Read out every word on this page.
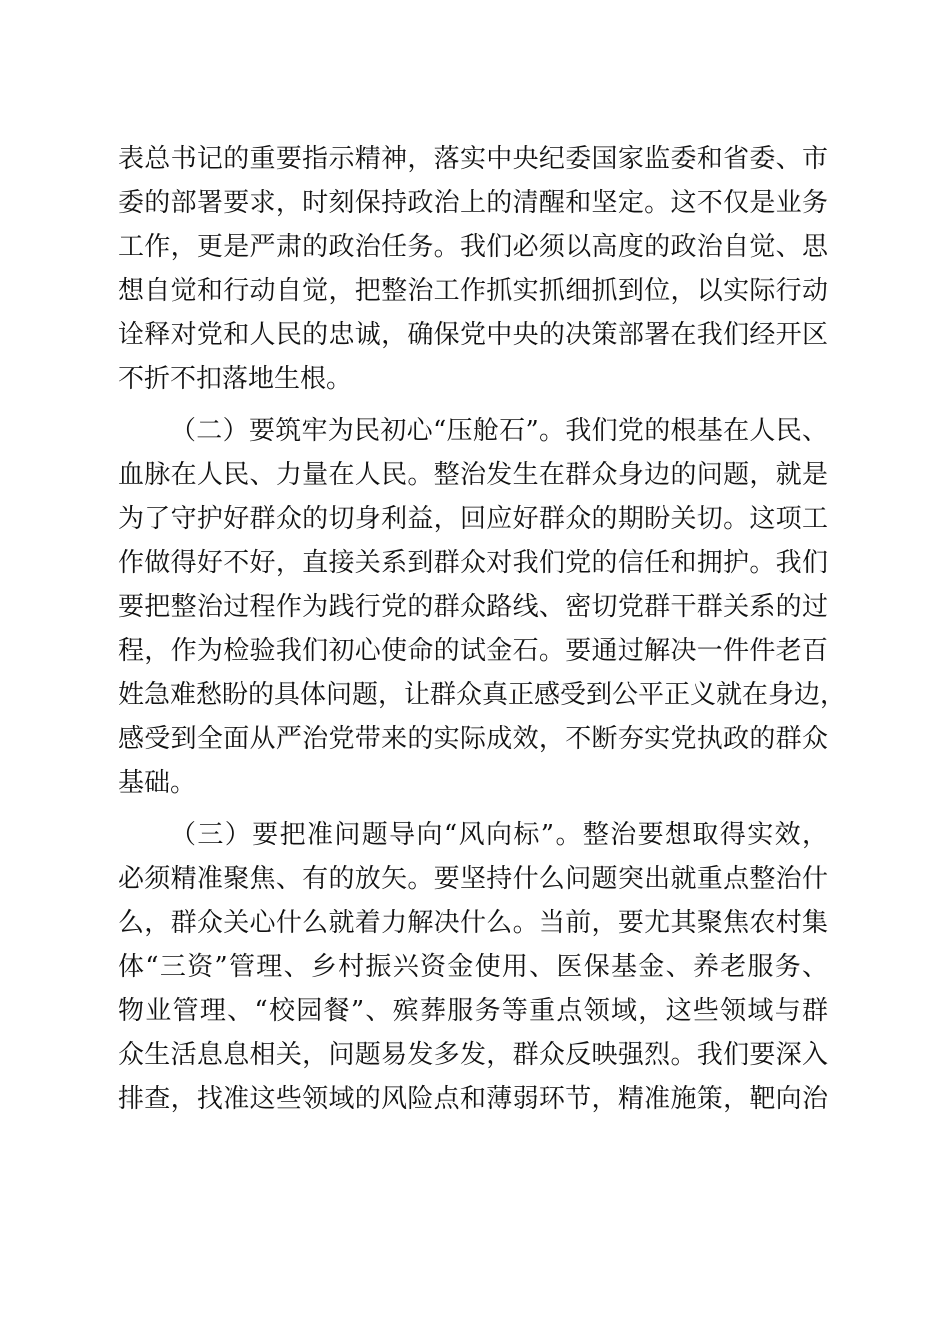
表总书记的重要指示精神，落实中央纪委国家监委和省委、市
委的部署要求，时刻保持政治上的清醒和坚定。这不仅是业务
工作，更是严肃的政治任务。我们必须以高度的政治自觉、思
想自觉和行动自觉，把整治工作抓实抓细抓到位，以实际行动
诠释对党和人民的忠诚，确保党中央的决策部署在我们经开区
不折不扣落地生根。
（二）要筑牢为民初心“压舱石”。我们党的根基在人民、
血脉在人民、力量在人民。整治发生在群众身边的问题，就是
为了守护好群众的切身利益，回应好群众的期盼关切。这项工
作做得好不好，直接关系到群众对我们党的信任和拥护。我们
要把整治过程作为践行党的群众路线、密切党群干群关系的过
程，作为检验我们初心使命的试金石。要通过解决一件件老百
姓急难愁盼的具体问题，让群众真正感受到公平正义就在身边，
感受到全面从严治党带来的实际成效，不断夯实党执政的群众
基础。
（三）要把准问题导向“风向标”。整治要想取得实效，
必须精准聚焦、有的放矢。要坚持什么问题突出就重点整治什
么，群众关心什么就着力解决什么。当前，要尤其聚焦农村集
体“三资”管理、乡村振兴资金使用、医保基金、养老服务、
物业管理、“校园餐”、殡葬服务等重点领域，这些领域与群
众生活息息相关，问题易发多发，群众反映强烈。我们要深入
排查，找准这些领域的风险点和薄弱环节，精准施策，靶向治
